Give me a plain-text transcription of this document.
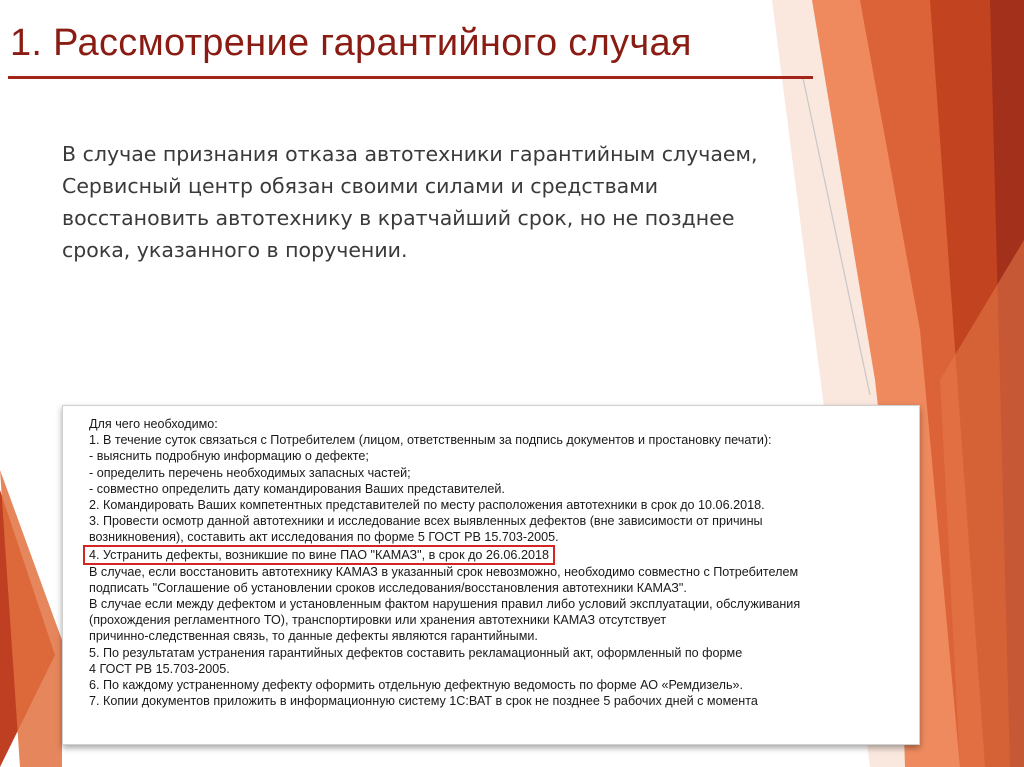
1. Рассмотрение гарантийного случая

В случае признания отказа автотехники гарантийным случаем,

Сервисный центр обязан своими силами и средствами

восстановить автотехнику в кратчайший срок, но не позднее

срока, указанного в поручении.

Для чего необходимо:
1. В течение суток связаться с Потребителем (лицом, ответственным за подпись документов и простановку печати):
- выяснить подробную информацию о дефекте;
- определить перечень необходимых запасных частей;
- совместно определить дату командирования Ваших представителей.
2. Командировать Ваших компетентных представителей по месту расположения автотехники в срок до 10.06.2018.
3. Провести осмотр данной автотехники и исследование всех выявленных дефектов (вне зависимости от причины
возникновения), составить акт исследования по форме 5 ГОСТ РВ 15.703-2005.
4. Устранить дефекты, возникшие по вине ПАО "КАМАЗ", в срок до 26.06.2018
В случае, если восстановить автотехнику КАМАЗ в указанный срок невозможно, необходимо совместно с Потребителем
подписать "Соглашение об установлении сроков исследования/восстановления автотехники КАМАЗ".
В случае если между дефектом и установленным фактом нарушения правил либо условий эксплуатации, обслуживания
(прохождения регламентного ТО), транспортировки или хранения автотехники КАМАЗ отсутствует
причинно-следственная связь, то данные дефекты являются гарантийными.
5. По результатам устранения гарантийных дефектов составить рекламационный акт, оформленный по форме
4 ГОСТ РВ 15.703-2005.
6. По каждому устраненному дефекту оформить отдельную дефектную ведомость по форме АО «Ремдизель».
7. Копии документов приложить в информационную систему 1С:ВАТ в срок не позднее 5 рабочих дней с момента
